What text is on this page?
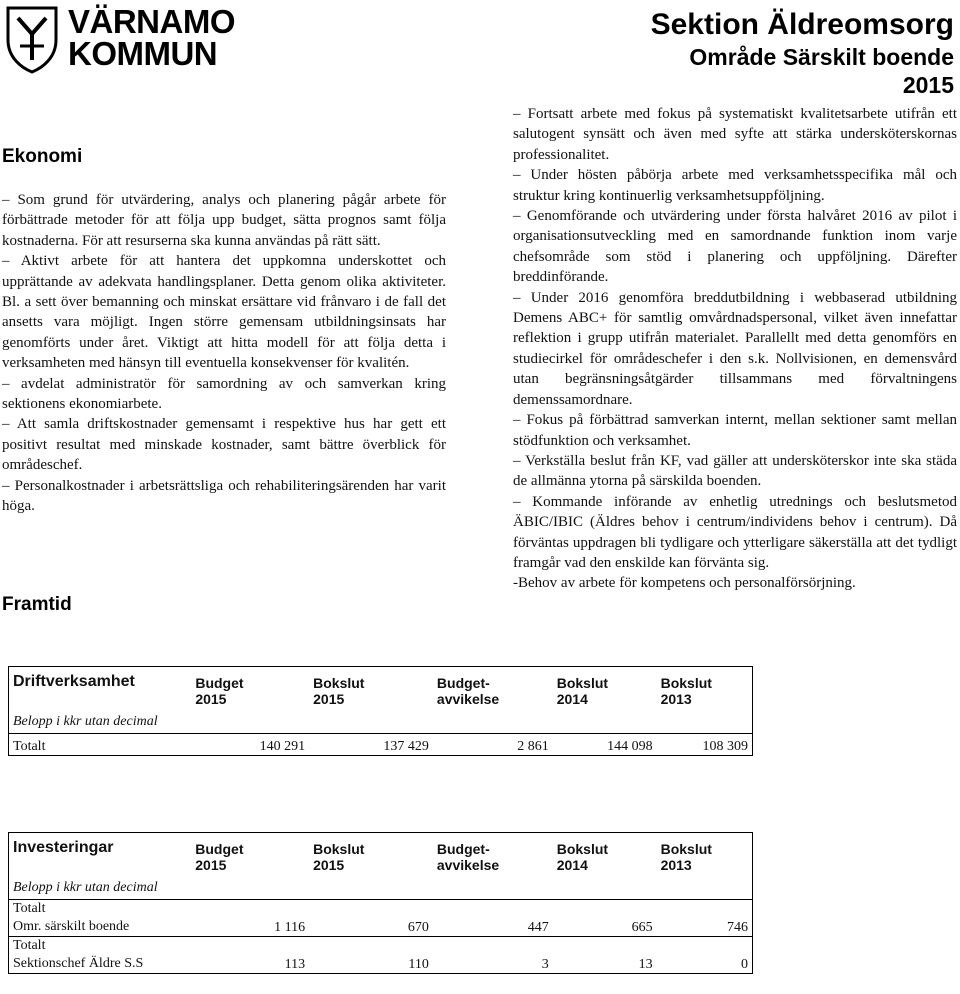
VÄRNAMO
KOMMUN
Sektion Äldreomsorg
Område Särskilt boende
2015
Ekonomi
Framtid

– Som grund för utvärdering, analys och planering pågår arbete för förbättrade metoder för att följa upp budget, sätta prognos samt följa kostnaderna. För att resurserna ska kunna användas på rätt sätt.

– Aktivt arbete för att hantera det uppkomna underskottet och upprättande av adekvata handlingsplaner. Detta genom olika aktiviteter. Bl. a sett över bemanning och minskat ersättare vid frånvaro i de fall det ansetts vara möjligt. Ingen större gemensam utbildningsinsats har genomförts under året. Viktigt att hitta modell för att följa detta i verksamheten med hänsyn till eventuella konsekvenser för kvalitén.

– avdelat administratör för samordning av och samverkan kring sektionens ekonomiarbete.

– Att samla driftskostnader gemensamt i respektive hus har gett ett positivt resultat med minskade kostnader, samt bättre överblick för områdeschef.

– Personalkostnader i arbetsrättsliga och rehabiliteringsärenden har varit höga.

– Fortsatt arbete med fokus på systematiskt kvalitetsarbete utifrån ett salutogent synsätt och även med syfte att stärka undersköterskornas professionalitet.

– Under hösten påbörja arbete med verksamhetsspecifika mål och struktur kring kontinuerlig verksamhetsuppföljning.

– Genomförande och utvärdering under första halvåret 2016 av pilot i organisationsutveckling med en samordnande funktion inom varje chefsområde som stöd i planering och uppföljning. Därefter breddinförande.

– Under 2016 genomföra breddutbildning i webbaserad utbildning Demens ABC+ för samtlig omvårdnadspersonal, vilket även innefattar reflektion i grupp utifrån materialet. Parallellt med detta genomförs en studiecirkel för områdeschefer i den s.k. Nollvisionen, en demensvård utan begränsningsåtgärder tillsammans med förvaltningens demenssamordnare.

– Fokus på förbättrad samverkan internt, mellan sektioner samt mellan stödfunktion och verksamhet.

– Verkställa beslut från KF, vad gäller att undersköterskor inte ska städa de allmänna ytorna på särskilda boenden.

– Kommande införande av enhetlig utrednings och beslutsmetod ÄBIC/IBIC (Äldres behov i centrum/individens behov i centrum). Då förväntas uppdragen bli tydligare och ytterligare säkerställa att det tydligt framgår vad den enskilde kan förvänta sig.

-Behov av arbete för kompetens och personalförsörjning.

Driftverksamhet	Budget	Bokslut	Budget-	Bokslut	Bokslut
	2015	2015	avvikelse	2014	2013
Belopp i kkr utan decimal					
Totalt	140 291	137 429	2 861	144 098	108 309
Investeringar	Budget	Bokslut	Budget-	Bokslut	Bokslut
	2015	2015	avvikelse	2014	2013
Belopp i kkr utan decimal					

Totalt
Omr. särskilt boende	1 116	670	447	665	746

Totalt
Sektionschef Äldre S.S	113	110	3	13	0
